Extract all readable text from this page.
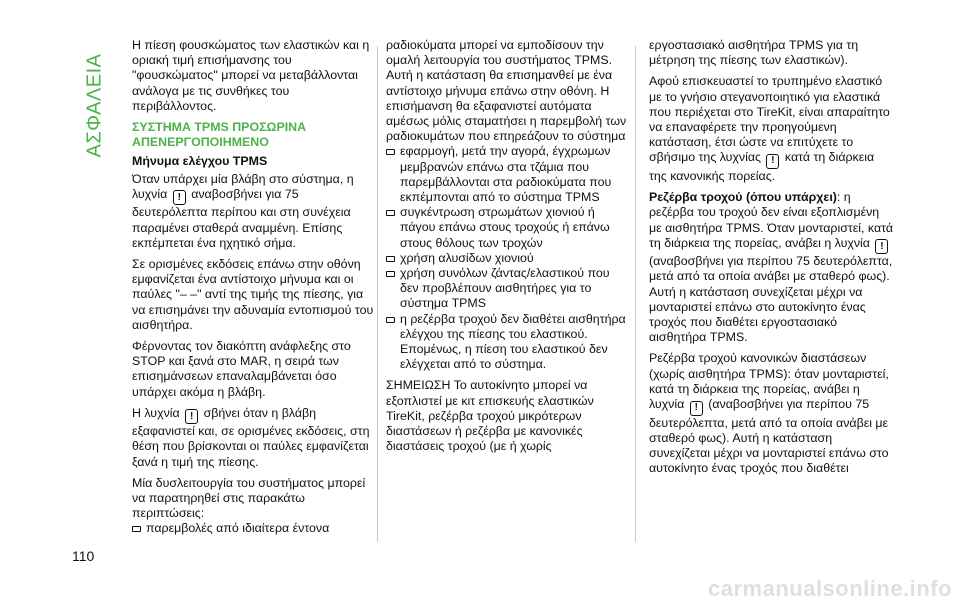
ΑΣΦΑΛΕΙΑ

Η πίεση φουσκώματος των ελαστικών και η οριακή τιμή επισήμανσης του "φουσκώματος" μπορεί να μεταβάλλονται ανάλογα με τις συνθήκες του περιβάλλοντος.

ΣΥΣΤΗΜΑ TPMS ΠΡΟΣΩΡΙΝΑ ΑΠΕΝΕΡΓΟΠΟΙΗΜΕΝΟ
Μήνυμα ελέγχου TPMS

Όταν υπάρχει μία βλάβη στο σύστημα, η λυχνία ! αναβοσβήνει για 75 δευτερόλεπτα περίπου και στη συνέχεια παραμένει σταθερά αναμμένη. Επίσης εκπέμπεται ένα ηχητικό σήμα.

Σε ορισμένες εκδόσεις επάνω στην οθόνη εμφανίζεται ένα αντίστοιχο μήνυμα και οι παύλες "– –" αντί της τιμής της πίεσης, για να επισημάνει την αδυναμία εντοπισμού του αισθητήρα.

Φέρνοντας τον διακόπτη ανάφλεξης στο STOP και ξανά στο MAR, η σειρά των επισημάνσεων επαναλαμβάνεται όσο υπάρχει ακόμα η βλάβη.

Η λυχνία ! σβήνει όταν η βλάβη εξαφανιστεί και, σε ορισμένες εκδόσεις, στη θέση που βρίσκονται οι παύλες εμφανίζεται ξανά η τιμή της πίεσης.

Μία δυσλειτουργία του συστήματος μπορεί να παρατηρηθεί στις παρακάτω περιπτώσεις:

παρεμβολές από ιδιαίτερα έντονα

ραδιοκύματα μπορεί να εμποδίσουν την ομαλή λειτουργία του συστήματος TPMS. Αυτή η κατάσταση θα επισημανθεί με ένα αντίστοιχο μήνυμα επάνω στην οθόνη. Η επισήμανση θα εξαφανιστεί αυτόματα αμέσως μόλις σταματήσει η παρεμβολή των ραδιοκυμάτων που επηρεάζουν το σύστημα

εφαρμογή, μετά την αγορά, έγχρωμων μεμβρανών επάνω στα τζάμια που παρεμβάλλονται στα ραδιοκύματα που εκπέμπονται από το σύστημα TPMS
συγκέντρωση στρωμάτων χιονιού ή πάγου επάνω στους τροχούς ή επάνω στους θόλους των τροχών
χρήση αλυσίδων χιονιού
χρήση συνόλων ζάντας/ελαστικού που δεν προβλέπουν αισθητήρες για το σύστημα TPMS
η ρεζέρβα τροχού δεν διαθέτει αισθητήρα ελέγχου της πίεσης του ελαστικού. Επομένως, η πίεση του ελαστικού δεν ελέγχεται από το σύστημα.

ΣΗΜΕΙΩΣΗ Το αυτοκίνητο μπορεί να εξοπλιστεί με κιτ επισκευής ελαστικών TireKit, ρεζέρβα τροχού μικρότερων διαστάσεων ή ρεζέρβα με κανονικές διαστάσεις τροχού (με ή χωρίς

εργοστασιακό αισθητήρα TPMS για τη μέτρηση της πίεσης των ελαστικών).

Αφού επισκευαστεί το τρυπημένο ελαστικό με το γνήσιο στεγανοποιητικό για ελαστικά που περιέχεται στο TireKit, είναι απαραίτητο να επαναφέρετε την προηγούμενη κατάσταση, έτσι ώστε να επιτύχετε το σβήσιμο της λυχνίας ! κατά τη διάρκεια της κανονικής πορείας.

Ρεζέρβα τροχού (όπου υπάρχει): η ρεζέρβα του τροχού δεν είναι εξοπλισμένη με αισθητήρα TPMS. Όταν μονταριστεί, κατά τη διάρκεια της πορείας, ανάβει η λυχνία ! (αναβοσβήνει για περίπου 75 δευτερόλεπτα, μετά από τα οποία ανάβει με σταθερό φως). Αυτή η κατάσταση συνεχίζεται μέχρι να μονταριστεί επάνω στο αυτοκίνητο ένας τροχός που διαθέτει εργοστασιακό αισθητήρα TPMS.

Ρεζέρβα τροχού κανονικών διαστάσεων (χωρίς αισθητήρα TPMS): όταν μονταριστεί, κατά τη διάρκεια της πορείας, ανάβει η λυχνία ! (αναβοσβήνει για περίπου 75 δευτερόλεπτα, μετά από τα οποία ανάβει με σταθερό φως). Αυτή η κατάσταση συνεχίζεται μέχρι να μονταριστεί επάνω στο αυτοκίνητο ένας τροχός που διαθέτει

110
carmanualsonline.info
